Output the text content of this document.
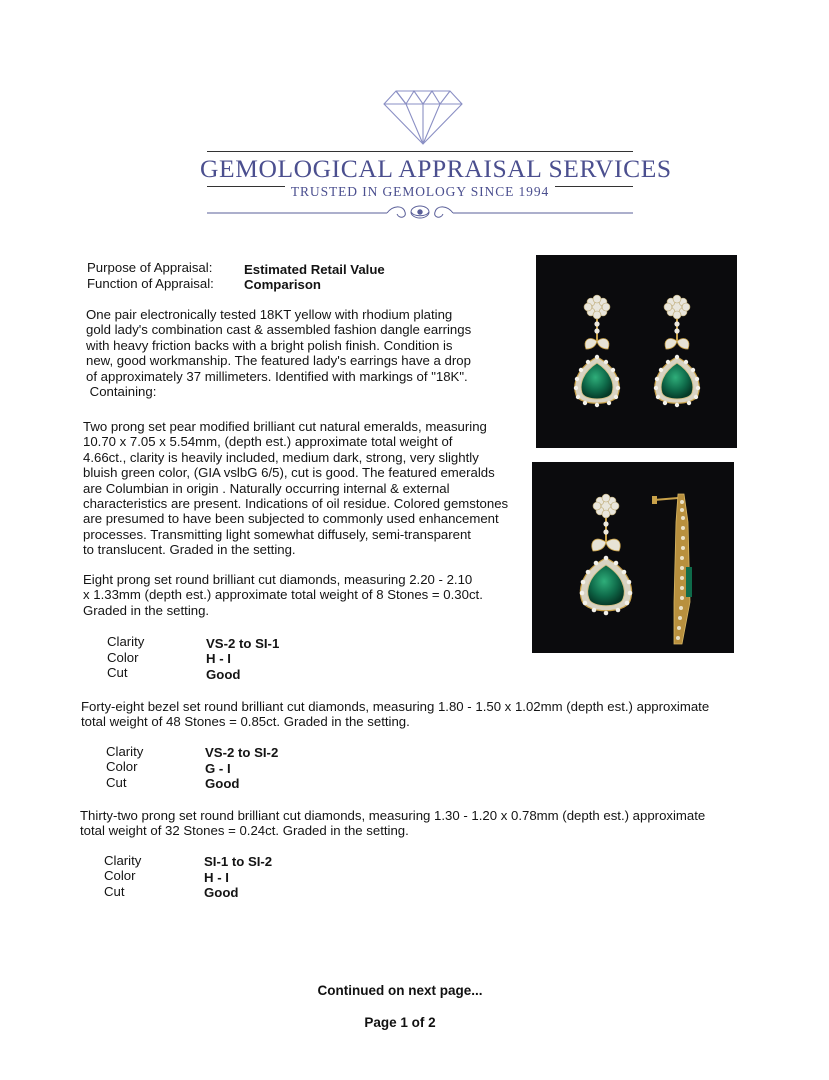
GEMOLOGICAL APPRAISAL SERVICES
TRUSTED IN GEMOLOGY SINCE 1994
Purpose of Appraisal: Estimated Retail Value
Function of Appraisal: Comparison
One pair electronically tested 18KT yellow with rhodium plating
gold lady's combination cast & assembled fashion dangle earrings
with heavy friction backs with a bright polish finish. Condition is
new, good workmanship. The featured lady's earrings have a drop
of approximately 37 millimeters. Identified with markings of "18K".
Containing:
Two prong set pear modified brilliant cut natural emeralds, measuring
10.70 x 7.05 x 5.54mm, (depth est.) approximate total weight of
4.66ct., clarity is heavily included, medium dark, strong, very slightly
bluish green color, (GIA vslbG 6/5), cut is good. The featured emeralds
are Columbian in origin . Naturally occurring internal & external
characteristics are present. Indications of oil residue. Colored gemstones
are presumed to have been subjected to commonly used enhancement
processes. Transmitting light somewhat diffusely, semi-transparent
to translucent. Graded in the setting.
Eight prong set round brilliant cut diamonds, measuring 2.20 - 2.10
x 1.33mm (depth est.) approximate total weight of 8 Stones = 0.30ct.
Graded in the setting.
Clarity	VS-2 to SI-1
Color	H - I
Cut	Good
Forty-eight bezel set round brilliant cut diamonds, measuring 1.80 - 1.50 x 1.02mm (depth est.) approximate
total weight of 48 Stones = 0.85ct. Graded in the setting.
Clarity	VS-2 to SI-2
Color	G - I
Cut	Good
Thirty-two prong set round brilliant cut diamonds, measuring 1.30 - 1.20 x 0.78mm (depth est.) approximate
total weight of 32 Stones = 0.24ct. Graded in the setting.
Clarity	SI-1 to SI-2
Color	H - I
Cut	Good
Continued on next page...
Page 1 of 2
